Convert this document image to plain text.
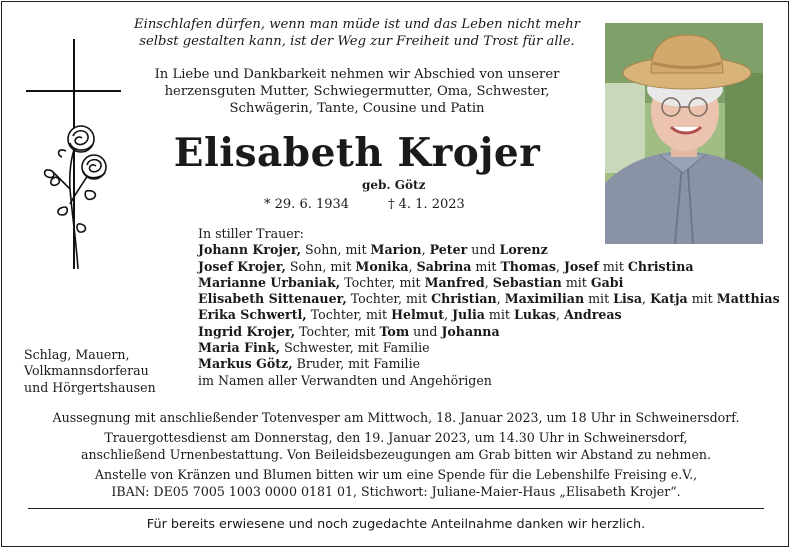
Einschlafen dürfen, wenn man müde ist und das Leben nicht mehr
selbst gestalten kann, ist der Weg zur Freiheit und Trost für alle.
In Liebe und Dankbarkeit nehmen wir Abschied von unserer
herzensguten Mutter, Schwiegermutter, Oma, Schwester,
Schwägerin, Tante, Cousine und Patin
Elisabeth Krojer
geb. Götz
* 29. 6. 1934	† 4. 1. 2023
In stiller Trauer:
Johann Krojer, Sohn, mit Marion, Peter und Lorenz
Josef Krojer, Sohn, mit Monika, Sabrina mit Thomas, Josef mit Christina
Marianne Urbaniak, Tochter, mit Manfred, Sebastian mit Gabi
Elisabeth Sittenauer, Tochter, mit Christian, Maximilian mit Lisa, Katja mit Matthias
Erika Schwertl, Tochter, mit Helmut, Julia mit Lukas, Andreas
Ingrid Krojer, Tochter, mit Tom und Johanna
Maria Fink, Schwester, mit Familie
Markus Götz, Bruder, mit Familie
im Namen aller Verwandten und Angehörigen
Schlag, Mauern,
Volkmannsdorferau
und Hörgertshausen

Aussegnung mit anschließender Totenvesper am Mittwoch, 18. Januar 2023, um 18 Uhr in Schweinersdorf.

Trauergottesdienst am Donnerstag, den 19. Januar 2023, um 14.30 Uhr in Schweinersdorf,
anschließend Urnenbestattung. Von Beileidsbezeugungen am Grab bitten wir Abstand zu nehmen.

Anstelle von Kränzen und Blumen bitten wir um eine Spende für die Lebenshilfe Freising e.V.,
IBAN: DE05 7005 1003 0000 0181 01, Stichwort: Juliane-Maier-Haus „Elisabeth Krojer“.

Für bereits erwiesene und noch zugedachte Anteilnahme danken wir herzlich.
